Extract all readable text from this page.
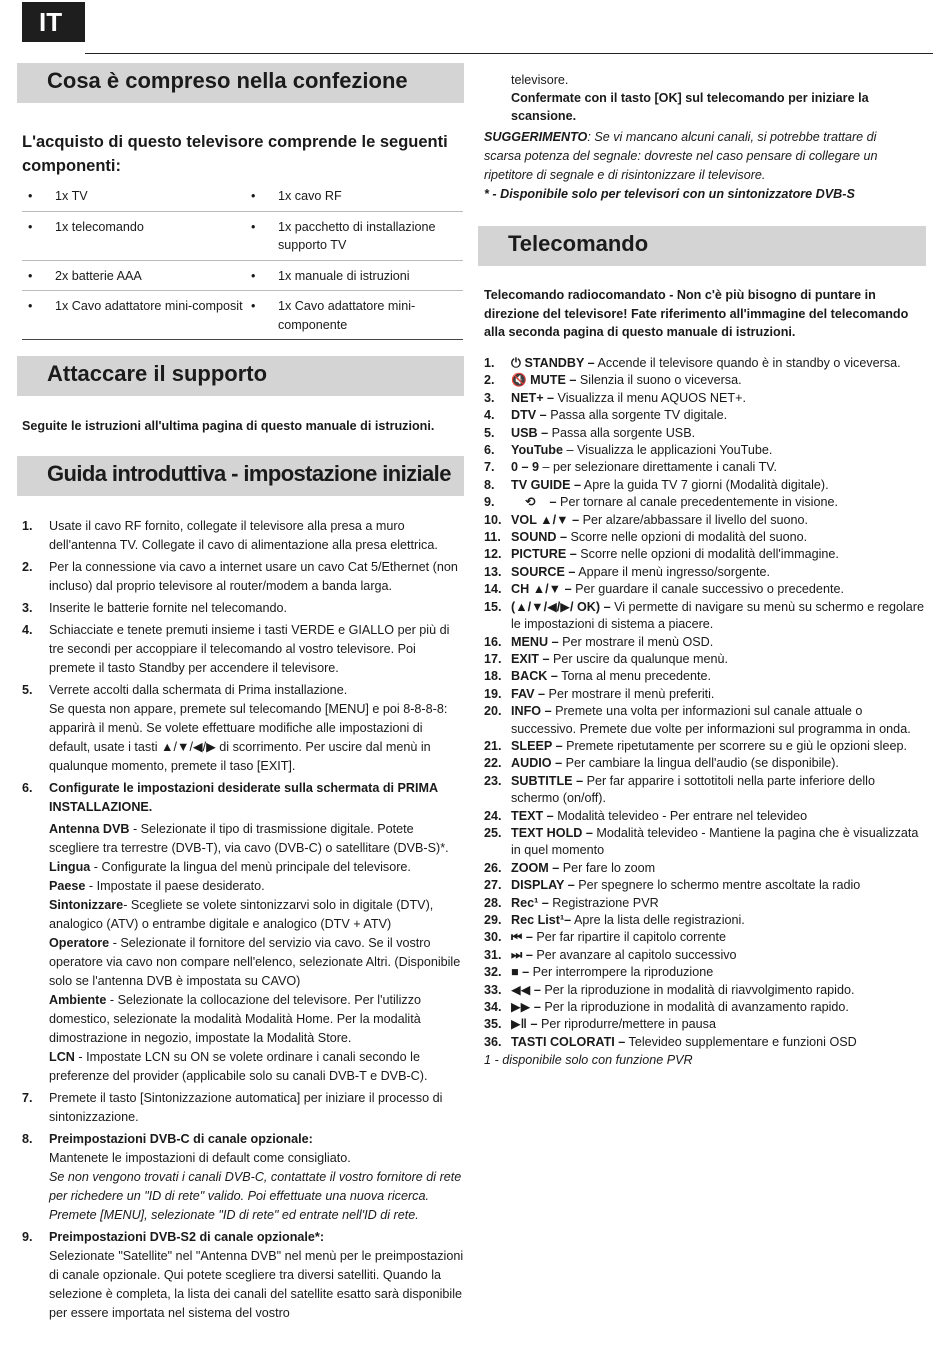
IT
Cosa è compreso nella confezione
L'acquisto di questo televisore comprende le seguenti componenti:
•	1x TV	•	1x cavo RF
•	1x telecomando	•	1x pacchetto di installazione supporto TV
•	2x batterie AAA	•	1x manuale di istruzioni
•	1x Cavo adattatore mini-composit	•	1x Cavo adattatore mini-componente
Attaccare il supporto
Seguite le istruzioni all'ultima pagina di questo manuale di istruzioni.
Guida introduttiva - impostazione iniziale
1. Usate il cavo RF fornito, collegate il televisore alla presa a muro dell'antenna TV. Collegate il cavo di alimentazione alla presa elettrica.
2. Per la connessione via cavo a internet usare un cavo Cat 5/Ethernet (non incluso) dal proprio televisore al router/modem a banda larga.
3. Inserite le batterie fornite nel telecomando.
4. Schiacciate e tenete premuti insieme i tasti VERDE e GIALLO per più di tre secondi per accoppiare il telecomando al vostro televisore. Poi premete il tasto Standby per accendere il televisore.
5. Verrete accolti dalla schermata di Prima installazione.
Se questa non appare, premete sul telecomando [MENU] e poi 8-8-8-8: apparirà il menù. Se volete effettuare modifiche alle impostazioni di default, usate i tasti ▲/▼/◀/▶ di scorrimento. Per uscire dal menù in qualunque momento, premete il taso [EXIT].
6. Configurate le impostazioni desiderate sulla schermata di PRIMA INSTALLAZIONE.
Antenna DVB - Selezionate il tipo di trasmissione digitale. Potete scegliere tra terrestre (DVB-T), via cavo (DVB-C) o satellitare (DVB-S)*.
Lingua - Configurate la lingua del menù principale del televisore.
Paese - Impostate il paese desiderato.
Sintonizzare- Scegliete se volete sintonizzarvi solo in digitale (DTV), analogico (ATV) o entrambe digitale e analogico (DTV + ATV)
Operatore - Selezionate il fornitore del servizio via cavo. Se il vostro operatore via cavo non compare nell'elenco, selezionate Altri. (Disponibile solo se l'antenna DVB è impostata su CAVO)
Ambiente - Selezionate la collocazione del televisore. Per l'utilizzo domestico, selezionate la modalità Modalità Home. Per la modalità dimostrazione in negozio, impostate la Modalità Store.
LCN - Impostate LCN su ON se volete ordinare i canali secondo le preferenze del provider (applicabile solo su canali DVB-T e DVB-C).
7. Premete il tasto [Sintonizzazione automatica] per iniziare il processo di sintonizzazione.
8. Preimpostazioni DVB-C di canale opzionale:
Mantenete le impostazioni di default come consigliato.
Se non vengono trovati i canali DVB-C, contattate il vostro fornitore di rete per richedere un "ID di rete" valido. Poi effettuate una nuova ricerca. Premete [MENU], selezionate "ID di rete" ed entrate nell'ID di rete.
9. Preimpostazioni DVB-S2 di canale opzionale*:
Selezionate "Satellite" nel "Antenna DVB" nel menù per le preimpostazioni di canale opzionale. Qui potete scegliere tra diversi satelliti. Quando la selezione è completa, la lista dei canali del satellite esatto sarà disponibile per essere importata nel sistema del vostro
televisore.
Confermate con il tasto [OK] sul telecomando per iniziare la scansione.
SUGGERIMENTO: Se vi mancano alcuni canali, si potrebbe trattare di scarsa potenza del segnale: dovreste nel caso pensare di collegare un ripetitore di segnale e di risintonizzare il televisore.
* - Disponibile solo per televisori con un sintonizzatore DVB-S
Telecomando
Telecomando radiocomandato - Non c'è più bisogno di puntare in direzione del televisore! Fate riferimento all'immagine del telecomando alla seconda pagina di questo manuale di istruzioni.
1. ⏻ STANDBY – Accende il televisore quando è in standby o viceversa.
2. 🔇 MUTE – Silenzia il suono o viceversa.
3. NET+ – Visualizza il menu AQUOS NET+.
4. DTV – Passa alla sorgente TV digitale.
5. USB – Passa alla sorgente USB.
6. YouTube – Visualizza le applicazioni YouTube.
7. 0 – 9 – per selezionare direttamente i canali TV.
8. TV GUIDE – Apre la guida TV 7 giorni (Modalità digitale).
9. ⟲    – Per tornare al canale precedentemente in visione.
10. VOL ▲/▼ – Per alzare/abbassare il livello del suono.
11. SOUND – Scorre nelle opzioni di modalità del suono.
12. PICTURE – Scorre nelle opzioni di modalità dell'immagine.
13. SOURCE – Appare il menù ingresso/sorgente.
14. CH ▲/▼ – Per guardare il canale successivo o precedente.
15. (▲/▼/◀/▶/ OK) – Vi permette di navigare su menù su schermo e regolare le impostazioni di sistema a piacere.
16. MENU – Per mostrare il menù OSD.
17. EXIT – Per uscire da qualunque menù.
18. BACK – Torna al menu precedente.
19. FAV – Per mostrare il menù preferiti.
20. INFO – Premete una volta per informazioni sul canale attuale o successivo. Premete due volte per informazioni sul programma in onda.
21. SLEEP – Premete ripetutamente per scorrere su e giù le opzioni sleep.
22. AUDIO – Per cambiare la lingua dell'audio (se disponibile).
23. SUBTITLE – Per far apparire i sottotitoli nella parte inferiore dello schermo (on/off).
24. TEXT – Modalità televideo - Per entrare nel televideo
25. TEXT HOLD – Modalità televideo - Mantiene la pagina che è visualizzata in quel momento
26. ZOOM – Per fare lo zoom
27. DISPLAY – Per spegnere lo schermo mentre ascoltate la radio
28. Rec¹ – Registrazione PVR
29. Rec List¹– Apre la lista delle registrazioni.
30. ⏮ – Per far ripartire il capitolo corrente
31. ⏭ – Per avanzare al capitolo successivo
32. ■ – Per interrompere la riproduzione
33. ◀◀ – Per la riproduzione in modalità di riavvolgimento rapido.
34. ▶▶ – Per la riproduzione in modalità di avanzamento rapido.
35. ▶‖ – Per riprodurre/mettere in pausa
36. TASTI COLORATI – Televideo supplementare e funzioni OSD
1 - disponibile solo con funzione PVR
